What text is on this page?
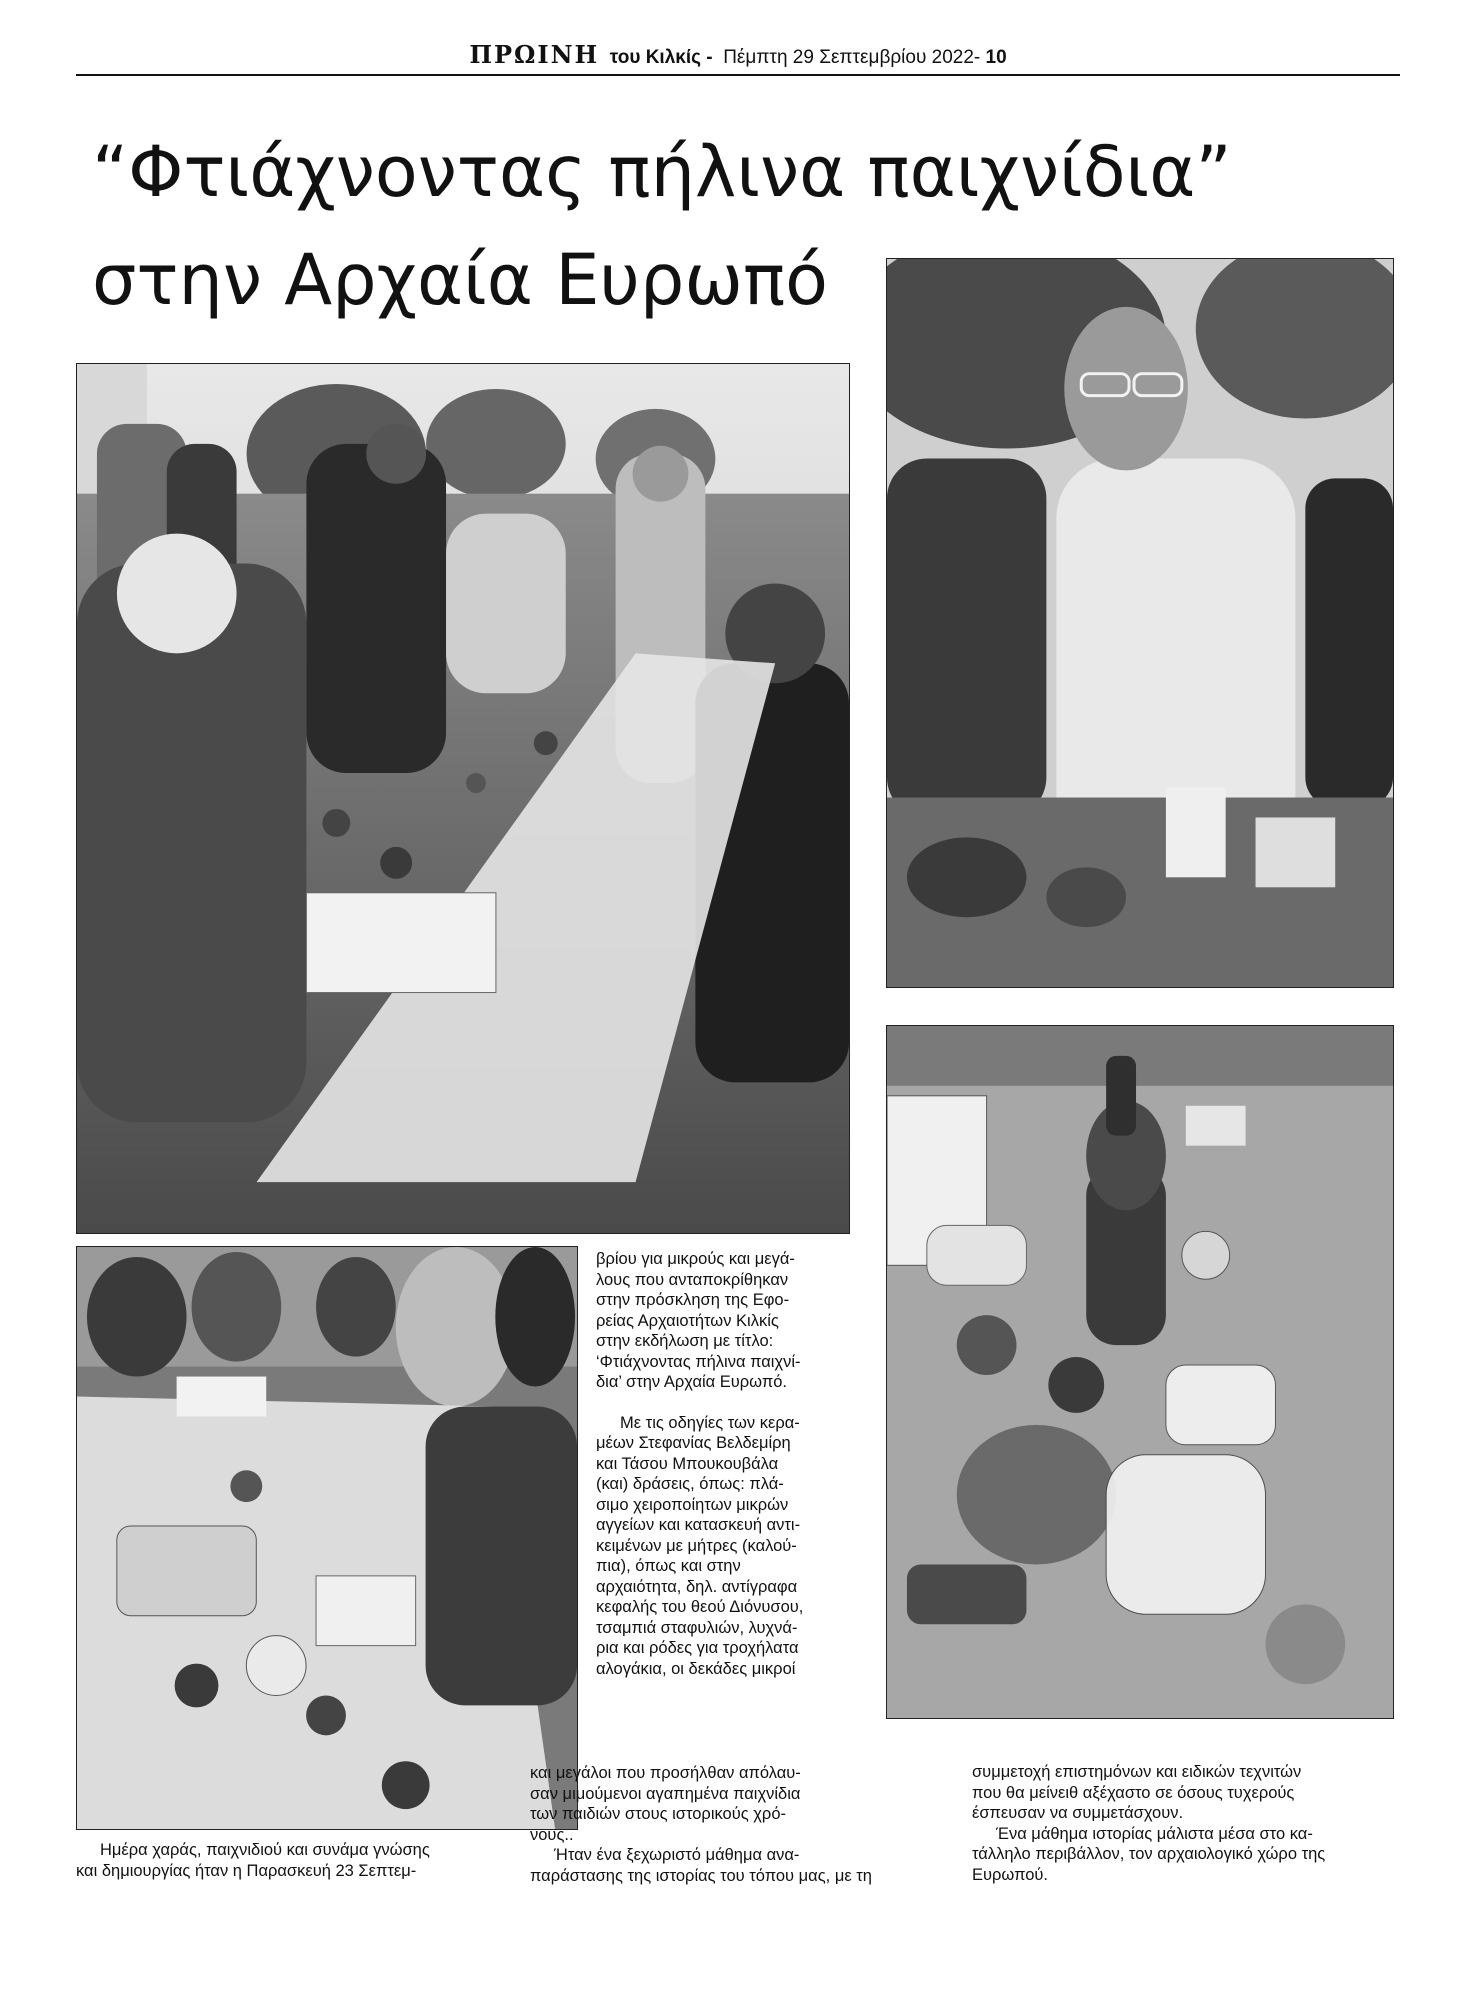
ΠΡΩΙΝΗ του Κιλκίς - Πέμπτη 29 Σεπτεμβρίου 2022- 10
“Φτιάχνοντας πήλινα παιχνίδια”
στην Αρχαία Ευρωπό

Ημέρα χαράς, παιχνιδιού και συνάμα γνώσης

και δημιουργίας ήταν η Παρασκευή 23 Σεπτεμ-

βρίου για μικρούς και μεγά-

λους που ανταποκρίθηκαν

στην πρόσκληση της Εφο-

ρείας Αρχαιοτήτων Κιλκίς

στην εκδήλωση με τίτλο:

‘Φτιάχνοντας πήλινα παιχνί-

δια’ στην Αρχαία Ευρωπό.

Με τις οδηγίες των κερα-

μέων Στεφανίας Βελδεμίρη

και Τάσου Μπουκουβάλα

(και) δράσεις, όπως: πλά-

σιμο χειροποίητων μικρών

αγγείων και κατασκευή αντι-

κειμένων με μήτρες (καλού-

πια), όπως και στην

αρχαιότητα, δηλ. αντίγραφα

κεφαλής του θεού Διόνυσου,

τσαμπιά σταφυλιών, λυχνά-

ρια και ρόδες για τροχήλατα

αλογάκια, οι δεκάδες μικροί

και μεγάλοι που προσήλθαν απόλαυ-

σαν μιμούμενοι αγαπημένα παιχνίδια

των παιδιών στους ιστορικούς χρό-

νους..

Ήταν ένα ξεχωριστό μάθημα ανα-

παράστασης της ιστορίας του τόπου μας, με τη

συμμετοχή επιστημόνων και ειδικών τεχνιτών

που θα μείνειθ αξέχαστο σε όσους τυχερούς

έσπευσαν να συμμετάσχουν.

Ένα μάθημα ιστορίας μάλιστα μέσα στο κα-

τάλληλο περιβάλλον, τον αρχαιολογικό χώρο της

Ευρωπού.
